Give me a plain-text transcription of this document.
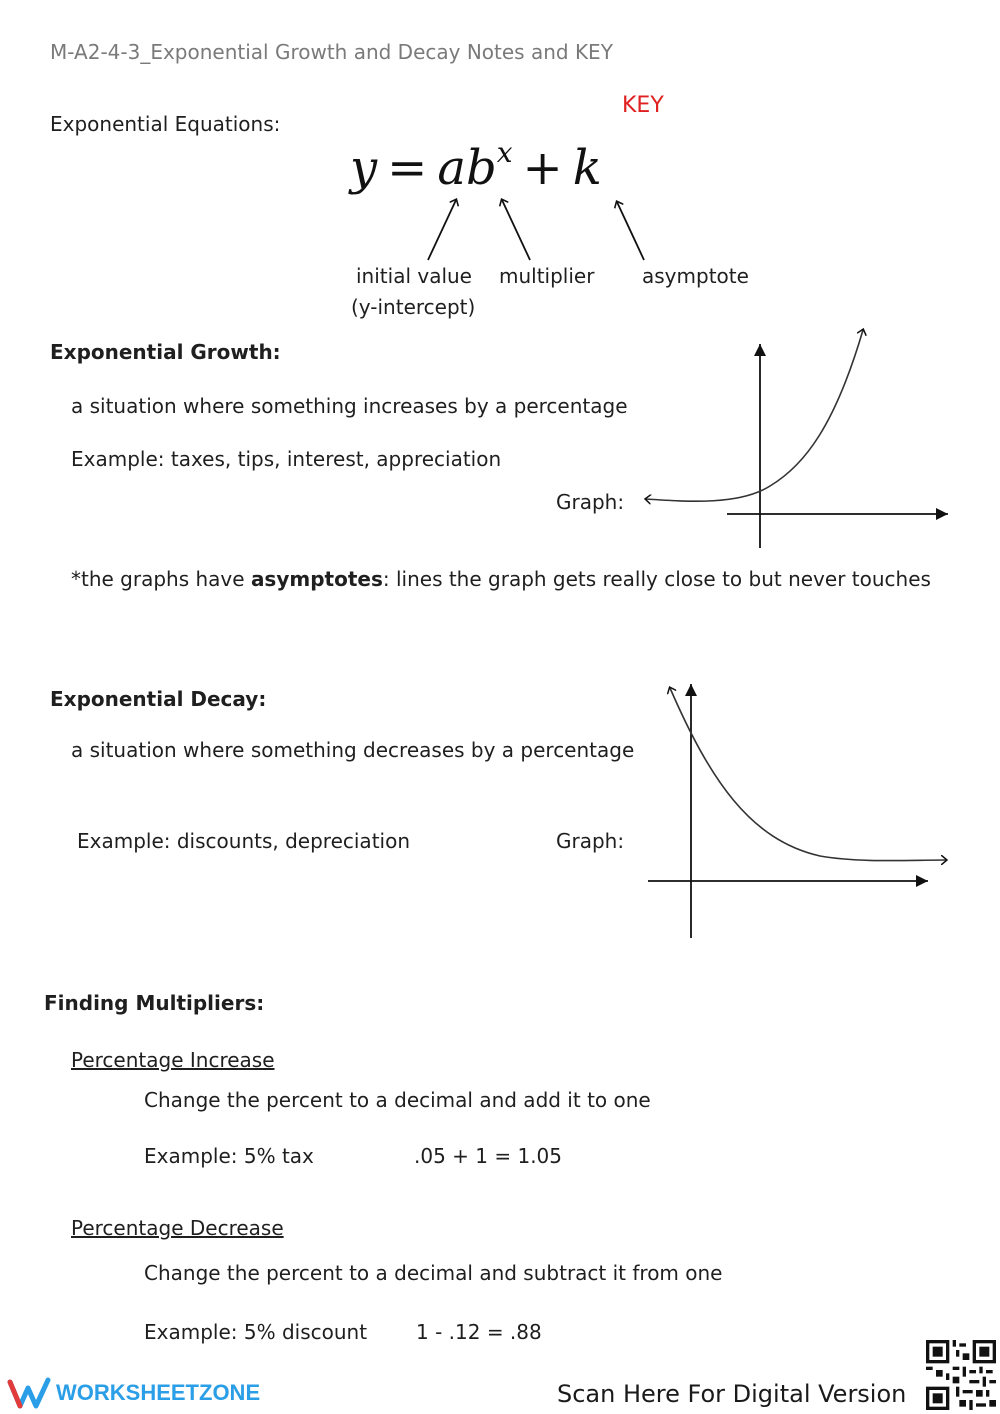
M-A2-4-3_Exponential Growth and Decay Notes and KEY
KEY
Exponential Equations:
$y = ab^x + k$
initial value
(y-intercept)
multiplier asymptote
Exponential Growth:
a situation where something increases by a percentage
Example: taxes, tips, interest, appreciation
Graph:
*the graphs have asymptotes: lines the graph gets really close to but never touches
Exponential Decay:
a situation where something decreases by a percentage
Example: discounts, depreciation	Graph:
Finding Multipliers:
Percentage Increase
Change the percent to a decimal and add it to one
Example: 5% tax	.05 + 1 = 1.05
Percentage Decrease
Change the percent to a decimal and subtract it from one
Example: 5% discount 1 - .12 = .88
WORKSHEETZONE	Scan Here For Digital Version
